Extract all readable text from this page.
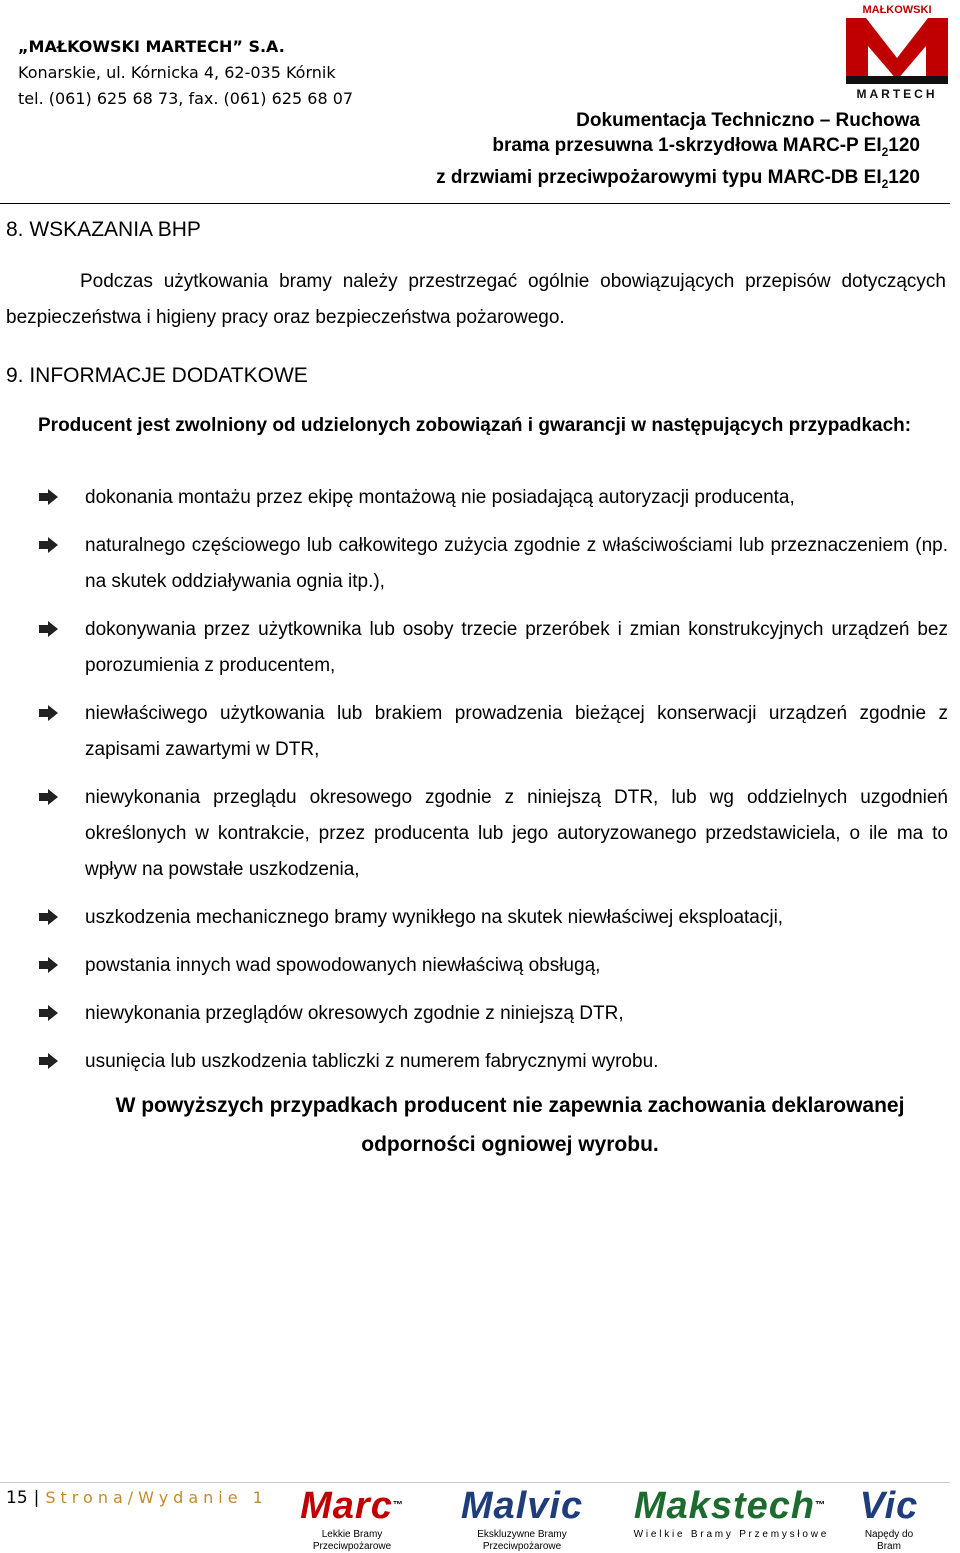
„MAŁKOWSKI MARTECH” S.A.
Konarskie, ul. Kórnicka 4, 62-035 Kórnik
tel. (061) 625 68 73, fax. (061) 625 68 07
MAŁKOWSKI
MARTECH
Dokumentacja Techniczno – Ruchowa
brama przesuwna 1-skrzydłowa MARC-P $EI_2120$
z drzwiami przeciwpożarowymi typu MARC-DB $EI_2120$
8. WSKAZANIA BHP
Podczas użytkowania bramy należy przestrzegać ogólnie obowiązujących przepisów dotyczących bezpieczeństwa i higieny pracy oraz bezpieczeństwa pożarowego.
9. INFORMACJE DODATKOWE
Producent jest zwolniony od udzielonych zobowiązań i gwarancji w następujących przypadkach:
dokonania montażu przez ekipę montażową nie posiadającą autoryzacji producenta,
naturalnego częściowego lub całkowitego zużycia zgodnie z właściwościami lub przeznaczeniem (np. na skutek oddziaływania ognia itp.),
dokonywania przez użytkownika lub osoby trzecie przeróbek i zmian konstrukcyjnych urządzeń bez porozumienia z producentem,
niewłaściwego użytkowania lub brakiem prowadzenia bieżącej konserwacji urządzeń zgodnie z zapisami zawartymi w DTR,
niewykonania przeglądu okresowego zgodnie z niniejszą DTR, lub wg oddzielnych uzgodnień określonych w kontrakcie, przez producenta lub jego autoryzowanego przedstawiciela, o ile ma to wpływ na powstałe uszkodzenia,
uszkodzenia mechanicznego bramy wynikłego na skutek niewłaściwej eksploatacji,
powstania innych wad spowodowanych niewłaściwą obsługą,
niewykonania przeglądów okresowych zgodnie z niniejszą DTR,
usunięcia lub uszkodzenia tabliczki z numerem fabrycznymi wyrobu.
W powyższych przypadkach producent nie zapewnia zachowania deklarowanej odporności ogniowej wyrobu.
15 | Strona/Wydanie 1 Marc™
Lekkie Bramy Przeciwpożarowe
Malvic
Ekskluzywne Bramy Przeciwpożarowe
Makstech™
W i e l k i e   B r a m y   P r z e m y s ł o w e
Vic
Napędy do Bram
